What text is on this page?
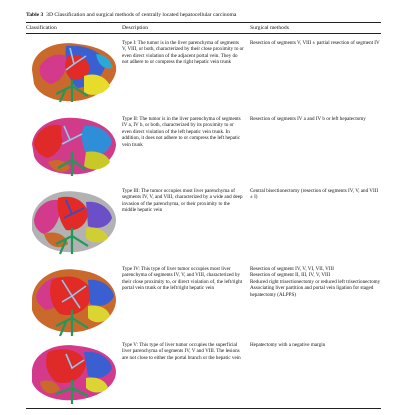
Table 3 3D Classification and surgical methods of centrally located hepatocellular carcinoma
Classification	Description	Surgical methods
Type I: The tumor is in the liver parenchyma of segments V, VIII, or both, characterized by their close proximity to or even direct violation of the adjacent portal vein. They do not adhere to or compress the right hepatic vein trunk
Resection of segments V, VIII ± partial resection of segment IV
Type II: The tumor is in the liver parenchyma of segments IV a, IV b, or both, characterized by its proximity to or even direct violation of the left hepatic vein trunk. In addition, it does not adhere to or compress the left hepatic vein trunk
Resection of segments IV a and IV b or left hepatectomy
Type III: The tumor occupies most liver parenchyma of segments IV, V, and VIII, characterized by a wide and deep invasion of the parenchyma, or their proximity to the middle hepatic vein
Central bisectionectomy (resection of segments IV, V, and VIII ± I)
Type IV: This type of liver tumor occupies most liver parenchyma of segments IV, V, and VIII, characterized by their close proximity to, or direct violation of, the left/right portal vein trunk or the left/right hepatic vein
Resection of segment IV, V, VI, VII, VIII
Resection of segment II, III, IV, V, VIII
Reduced right trisectionectomy or reduced left trisectionectomy
Associating liver partition and portal vein ligation for staged hepatectomy (ALPPS)
Type V: This type of liver tumor occupies the superficial liver parenchyma of segments IV, V and VIII. The lesions are not close to either the portal branch or the hepatic vein
Hepatectomy with a negative margin
